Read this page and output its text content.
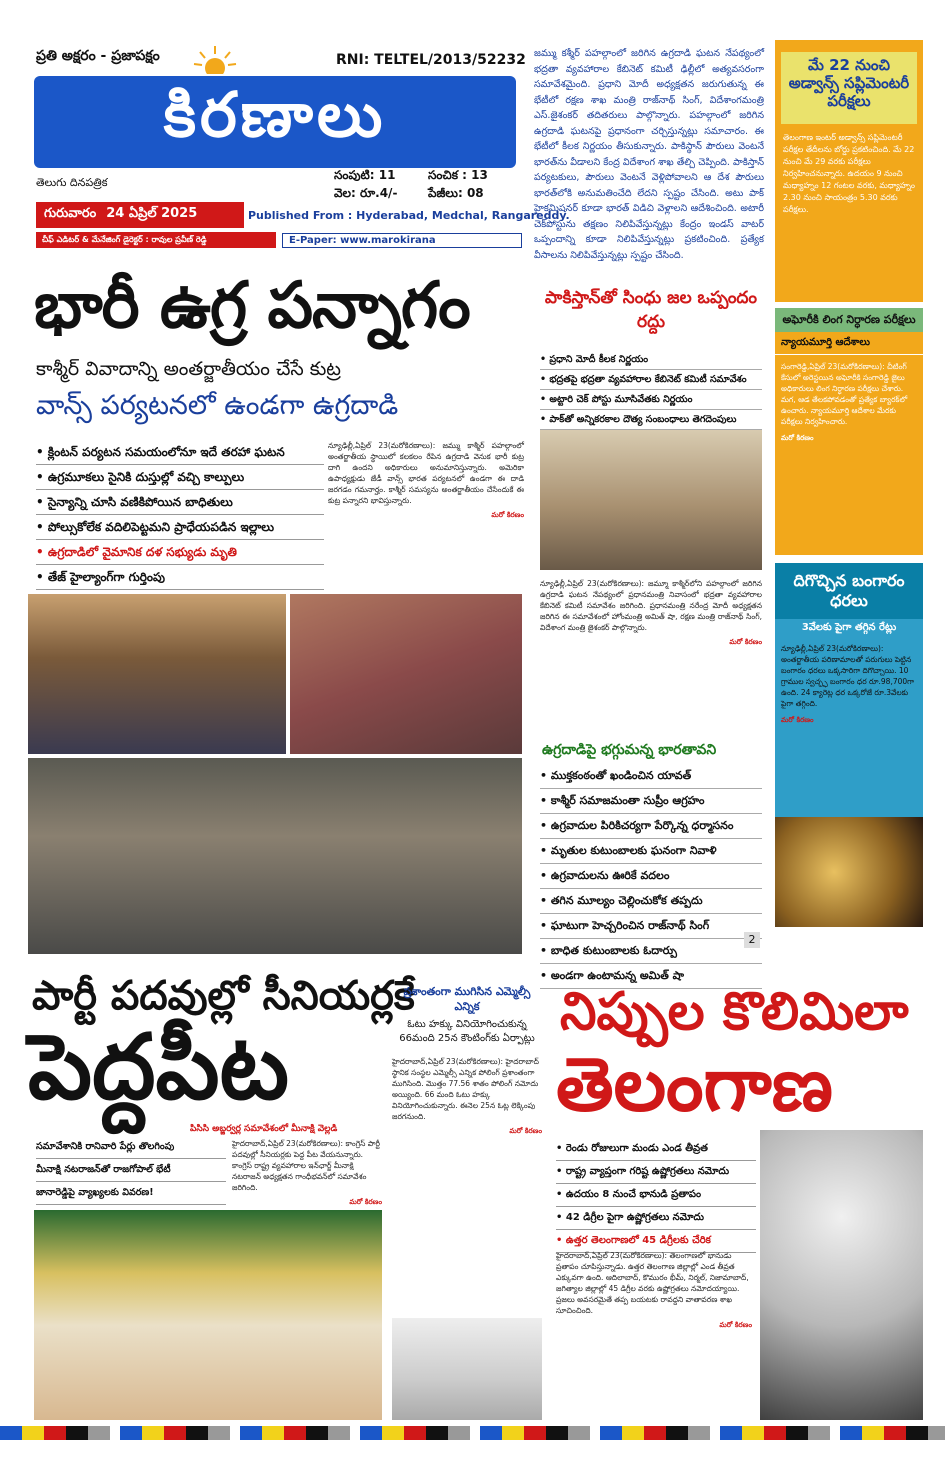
ప్రతి అక్షరం - ప్రజాపక్షం
కిరణాలు
RNI: TELTEL/2013/52232
తెలుగు దినపత్రిక
సంపుటి: 11	సంచిక : 13
వెల: రూ.4/-	పేజీలు: 08
గురువారం 24 ఏప్రిల్ 2025	Published From : Hyderabad, Medchal, Rangareddy.
చీఫ్ ఎడిటర్ & మేనేజింగ్ డైరెక్టర్ : రావుల ప్రవీణ్ రెడ్డి	E-Paper: www.marokirana
జమ్ము కశ్మీర్ పహల్గాంలో జరిగిన ఉగ్రదాడి ఘటన నేపథ్యంలో భద్రతా వ్యవహారాల కేబినెట్ కమిటీ ఢిల్లీలో అత్యవసరంగా సమావేశమైంది. ప్రధాని మోదీ అధ్యక్షతన జరుగుతున్న ఈ భేటీలో రక్షణ శాఖ మంత్రి రాజ్‌నాథ్ సింగ్, విదేశాంగమంత్రి ఎస్.జైశంకర్ తదితరులు పాల్గొన్నారు. పహల్గాంలో జరిగిన ఉగ్రదాడి ఘటనపై ప్రధానంగా చర్చిస్తున్నట్లు సమాచారం. ఈ భేటీలో కీలక నిర్ణయం తీసుకున్నారు. పాకిస్థాన్ పౌరులు వెంటనే భారత్‌ను వీడాలని కేంద్ర విదేశాంగ శాఖ తేల్చి చెప్పింది. పాకిస్తాన్ పర్యటకులు, పౌరులు వెంటనే వెళ్లిపోవాలని ఆ దేశ పౌరులు భారత్‌లోకి అనుమతించేది లేదని స్పష్టం చేసింది. అటు పాక్ హైకమిషనర్ కూడా భారత్ విడిచి వెళ్లాలని ఆదేశించింది. అటారీ చెక్‌పోస్టును తక్షణం నిలిపివేస్తున్నట్లు కేంద్రం ఇండస్ వాటర్ ఒప్పందాన్ని కూడా నిలిపివేస్తున్నట్లు ప్రకటించింది. ప్రత్యేక వీసాలను నిలిపివేస్తున్నట్లు స్పష్టం చేసింది.
మే 22 నుంచి అడ్వాన్స్ సప్లిమెంటరీ పరీక్షలు
తెలంగాణ ఇంటర్ అడ్వాన్స్ సప్లిమెంటరీ పరీక్షల తేదీలను బోర్డు ప్రకటించింది. మే 22 నుంచి మే 29 వరకు పరీక్షలు నిర్వహించనున్నారు. ఉదయం 9 నుంచి మధ్యాహ్నం 12 గంటల వరకు, మధ్యాహ్నం 2.30 నుంచి సాయంత్రం 5.30 వరకు పరీక్షలు.
భారీ ఉగ్ర పన్నాగం
కాశ్మీర్ వివాదాన్ని అంతర్జాతీయం చేసే కుట్ర
వాన్స్ పర్యటనలో ఉండగా ఉగ్రదాడి
• క్లింటన్ పర్యటన సమయంలోనూ ఇదే తరహా ఘటన
• ఉగ్రమూకలు సైనికి దుస్తుల్లో వచ్చి కాల్పులు
• సైన్యాన్ని చూసి వణికిపోయిన బాధితులు
• పోల్సుకోలేక వదిలిపెట్టమని ప్రాధేయపడిన ఇల్లాలు
• ఉగ్రదాడిలో వైమానిక దళ సభ్యుడు మృతి
• తేజ్ హైల్యాంగ్‌గా గుర్తింపు
న్యూఢిల్లీ,ఏప్రిల్ 23(మరోకిరణాలు): జమ్ము కాశ్మీర్ పహల్గాంలో అంతర్జాతీయ స్థాయిలో కలకలం రేపిన ఉగ్రదాడి వెనుక భారీ కుట్ర దాగి ఉందని అధికారులు అనుమానిస్తున్నారు. అమెరికా ఉపాధ్యక్షుడు జేడీ వాన్స్ భారత పర్యటనలో ఉండగా ఈ దాడి జరగడం గమనార్హం. కాశ్మీర్ సమస్యను అంతర్జాతీయం చేసేందుకే ఈ కుట్ర పన్నారని భావిస్తున్నారు.
మరో కిరణం
పాకిస్తాన్‌తో సింధు జల ఒప్పందం రద్దు
• ప్రధాని మోదీ కీలక నిర్ణయం
• భద్రతపై భద్రతా వ్యవహారాల కేబినెట్ కమిటీ సమావేశం
• అట్టారి చెక్ పోస్టు మూసివేతకు నిర్ణయం
• పాక్‌తో అన్నికరకాల దౌత్య సంబంధాలు తెగదెంపులు
న్యూఢిల్లీ,ఏప్రిల్ 23(మరోకిరణాలు): జమ్మూ కాశ్మీర్‌లోని పహల్గాంలో జరిగిన ఉగ్రదాడి ఘటన నేపథ్యంలో ప్రధానమంత్రి నివాసంలో భద్రతా వ్యవహారాల కేబినెట్ కమిటీ సమావేశం జరిగింది. ప్రధానమంత్రి నరేంద్ర మోదీ అధ్యక్షతన జరిగిన ఈ సమావేశంలో హోంమంత్రి అమిత్ షా, రక్షణ మంత్రి రాజ్‌నాథ్ సింగ్, విదేశాంగ మంత్రి జైశంకర్ పాల్గొన్నారు.
మరో కిరణం
ఉగ్రదాడిపై భగ్గుమన్న భారతావని
• ముక్తకంఠంతో ఖండించిన యావత్
• కాశ్మీర్ సమాజమంతా సుప్రీం ఆగ్రహం
• ఉగ్రవాదుల పిరికిచర్యగా పేర్కొన్న ధర్మాసనం
• మృతుల కుటుంబాలకు ఘనంగా నివాళి
• ఉగ్రవాదులను ఊరికే వదలం
• తగిన మూల్యం చెల్లించుకోక తప్పదు
• ఘాటుగా హెచ్చరించిన రాజ్‌నాథ్ సింగ్
• బాధిత కుటుంబాలకు ఓదార్పు
• అండగా ఉంటామన్న అమిత్ షా
2
అఘోరీకి లింగ నిర్ధారణ పరీక్షలు
న్యాయమూర్తి ఆదేశాలు
సంగారెడ్డి,ఏప్రిల్ 23(మరోకిరణాలు): చీటింగ్ కేసులో అరెస్టయిన అఘోరీకి సంగారెడ్డి జైలు అధికారులు లింగ నిర్ధారణ పరీక్షలు చేశారు. మగ, ఆడ తేలకపోవడంతో ప్రత్యేక బ్యారక్‌లో ఉంచారు. న్యాయమూర్తి ఆదేశాల మేరకు పరీక్షలు నిర్వహించారు.
మరో కిరణం
దిగొచ్చిన బంగారం ధరలు
3వేలకు పైగా తగ్గిన రేట్లు
న్యూఢిల్లీ,ఏప్రిల్ 23(మరోకిరణాలు): అంతర్జాతీయ పరిణామాలతో పరుగులు పెట్టిన బంగారం ధరలు ఒక్కసారిగా దిగొచ్చాయి. 10 గ్రాముల స్వచ్ఛ్ఛ బంగారం ధర రూ.98,700గా ఉంది. 24 క్యారెట్ల ధర ఒక్కరోజే రూ.3వేలకు పైగా తగ్గింది.
మరో కిరణం
పార్టీ పదవుల్లో సీనియర్లకే
పెద్దపీట
పిసిసి అబ్జర్వర్ల సమావేశంలో మీనాక్షి వెల్లడి
సమావేశానికి రానివారి పేర్లు తొలగింపు
మీనాక్షి నటరాజన్‌తో రాజగోపాల్ భేటీ
జానారెడ్డిపై వ్యాఖ్యలకు వివరణ!
హైదరాబాద్,ఏప్రిల్ 23(మరోకిరణాలు): కాంగ్రెస్ పార్టీ పదవుల్లో సీనియర్లకు పెద్ద పీట వేయనున్నారు. కాంగ్రెస్ రాష్ట్ర వ్యవహారాల ఇన్‌ఛార్జ్ మీనాక్షి నటరాజన్ అధ్యక్షతన గాంధీభవన్‌లో సమావేశం జరిగింది.
మరో కిరణం
ప్రశాంతంగా ముగిసిన ఎమ్మెల్సీ ఎన్నిక
ఓటు హక్కు వినియోగించుకున్న 66మంది 25న కౌంటింగ్‌కు ఏర్పాట్లు
హైదరాబాద్,ఏప్రిల్ 23(మరోకిరణాలు): హైదరాబాద్ స్థానిక సంస్థల ఎమ్మెల్సీ ఎన్నిక పోలింగ్ ప్రశాంతంగా ముగిసింది. మొత్తం 77.56 శాతం పోలింగ్ నమోదు అయ్యింది. 66 మంది ఓటు హక్కు వినియోగించుకున్నారు. ఈనెల 25న ఓట్ల లెక్కింపు జరగనుంది.
మరో కిరణం
నిప్పుల కొలిమిలా
తెలంగాణ
• రెండు రోజులుగా మండు ఎండ తీవ్రత
• రాష్ట్ర వ్యాప్తంగా గరిష్ట ఉష్ణోగ్రతలు నమోదు
• ఉదయం 8 నుంచే భానుడి ప్రతాపం
• 42 డిగ్రీల పైగా ఉష్ణోగ్రతలు నమోదు
• ఉత్తర తెలంగాణలో 45 డిగ్రీలకు చేరిక
హైదరాబాద్,ఏప్రిల్ 23(మరోకిరణాలు): తెలంగాణలో భానుడు ప్రతాపం చూపిస్తున్నాడు. ఉత్తర తెలంగాణ జిల్లాల్లో ఎండ తీవ్రత ఎక్కువగా ఉంది. ఆదిలాబాద్, కొమురం భీమ్, నిర్మల్, నిజామాబాద్, జగిత్యాల జిల్లాల్లో 45 డిగ్రీల వరకు ఉష్ణోగ్రతలు నమోదయ్యాయి. ప్రజలు అవసరమైతే తప్ప బయటకు రావద్దని వాతావరణ శాఖ సూచించింది.
మరో కిరణం
